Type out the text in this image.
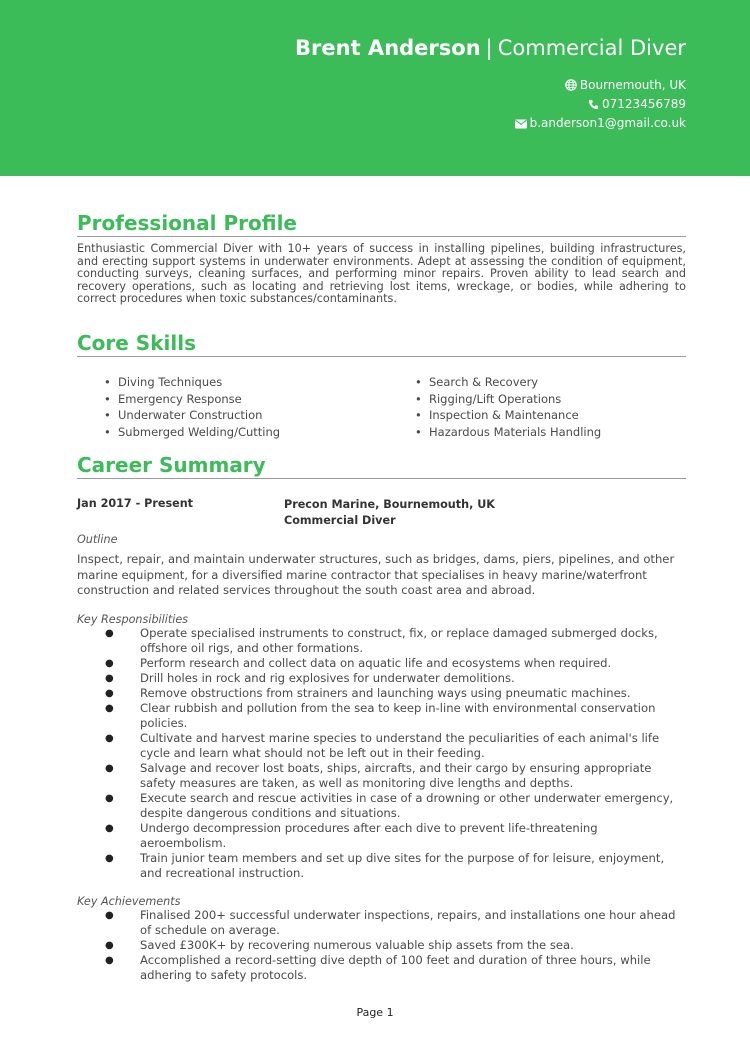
Brent Anderson | Commercial Diver
Bournemouth, UK
07123456789
b.anderson1@gmail.co.uk
Professional Profile

Enthusiastic Commercial Diver with 10+ years of success in installing pipelines, building infrastructures, and erecting support systems in underwater environments. Adept at assessing the condition of equipment, conducting surveys, cleaning surfaces, and performing minor repairs. Proven ability to lead search and recovery operations, such as locating and retrieving lost items, wreckage, or bodies, while adhering to correct procedures when toxic substances/contaminants.

Core Skills
• Diving Techniques
• Emergency Response
• Underwater Construction
• Submerged Welding/Cutting
• Search & Recovery
• Rigging/Lift Operations
• Inspection & Maintenance
• Hazardous Materials Handling
Career Summary
Jan 2017 - Present	Precon Marine, Bournemouth, UK
Commercial Diver
Outline
Inspect, repair, and maintain underwater structures, such as bridges, dams, piers, pipelines, and other marine equipment, for a diversified marine contractor that specialises in heavy marine/waterfront construction and related services throughout the south coast area and abroad.
Key Responsibilities
● Operate specialised instruments to construct, fix, or replace damaged submerged docks, offshore oil rigs, and other formations.
● Perform research and collect data on aquatic life and ecosystems when required.
● Drill holes in rock and rig explosives for underwater demolitions.
● Remove obstructions from strainers and launching ways using pneumatic machines.
● Clear rubbish and pollution from the sea to keep in-line with environmental conservation policies.
● Cultivate and harvest marine species to understand the peculiarities of each animal's life cycle and learn what should not be left out in their feeding.
● Salvage and recover lost boats, ships, aircrafts, and their cargo by ensuring appropriate safety measures are taken, as well as monitoring dive lengths and depths.
● Execute search and rescue activities in case of a drowning or other underwater emergency, despite dangerous conditions and situations.
● Undergo decompression procedures after each dive to prevent life-threatening aeroembolism.
● Train junior team members and set up dive sites for the purpose of for leisure, enjoyment, and recreational instruction.
Key Achievements
● Finalised 200+ successful underwater inspections, repairs, and installations one hour ahead of schedule on average.
● Saved £300K+ by recovering numerous valuable ship assets from the sea.
● Accomplished a record-setting dive depth of 100 feet and duration of three hours, while adhering to safety protocols.
Page 1
